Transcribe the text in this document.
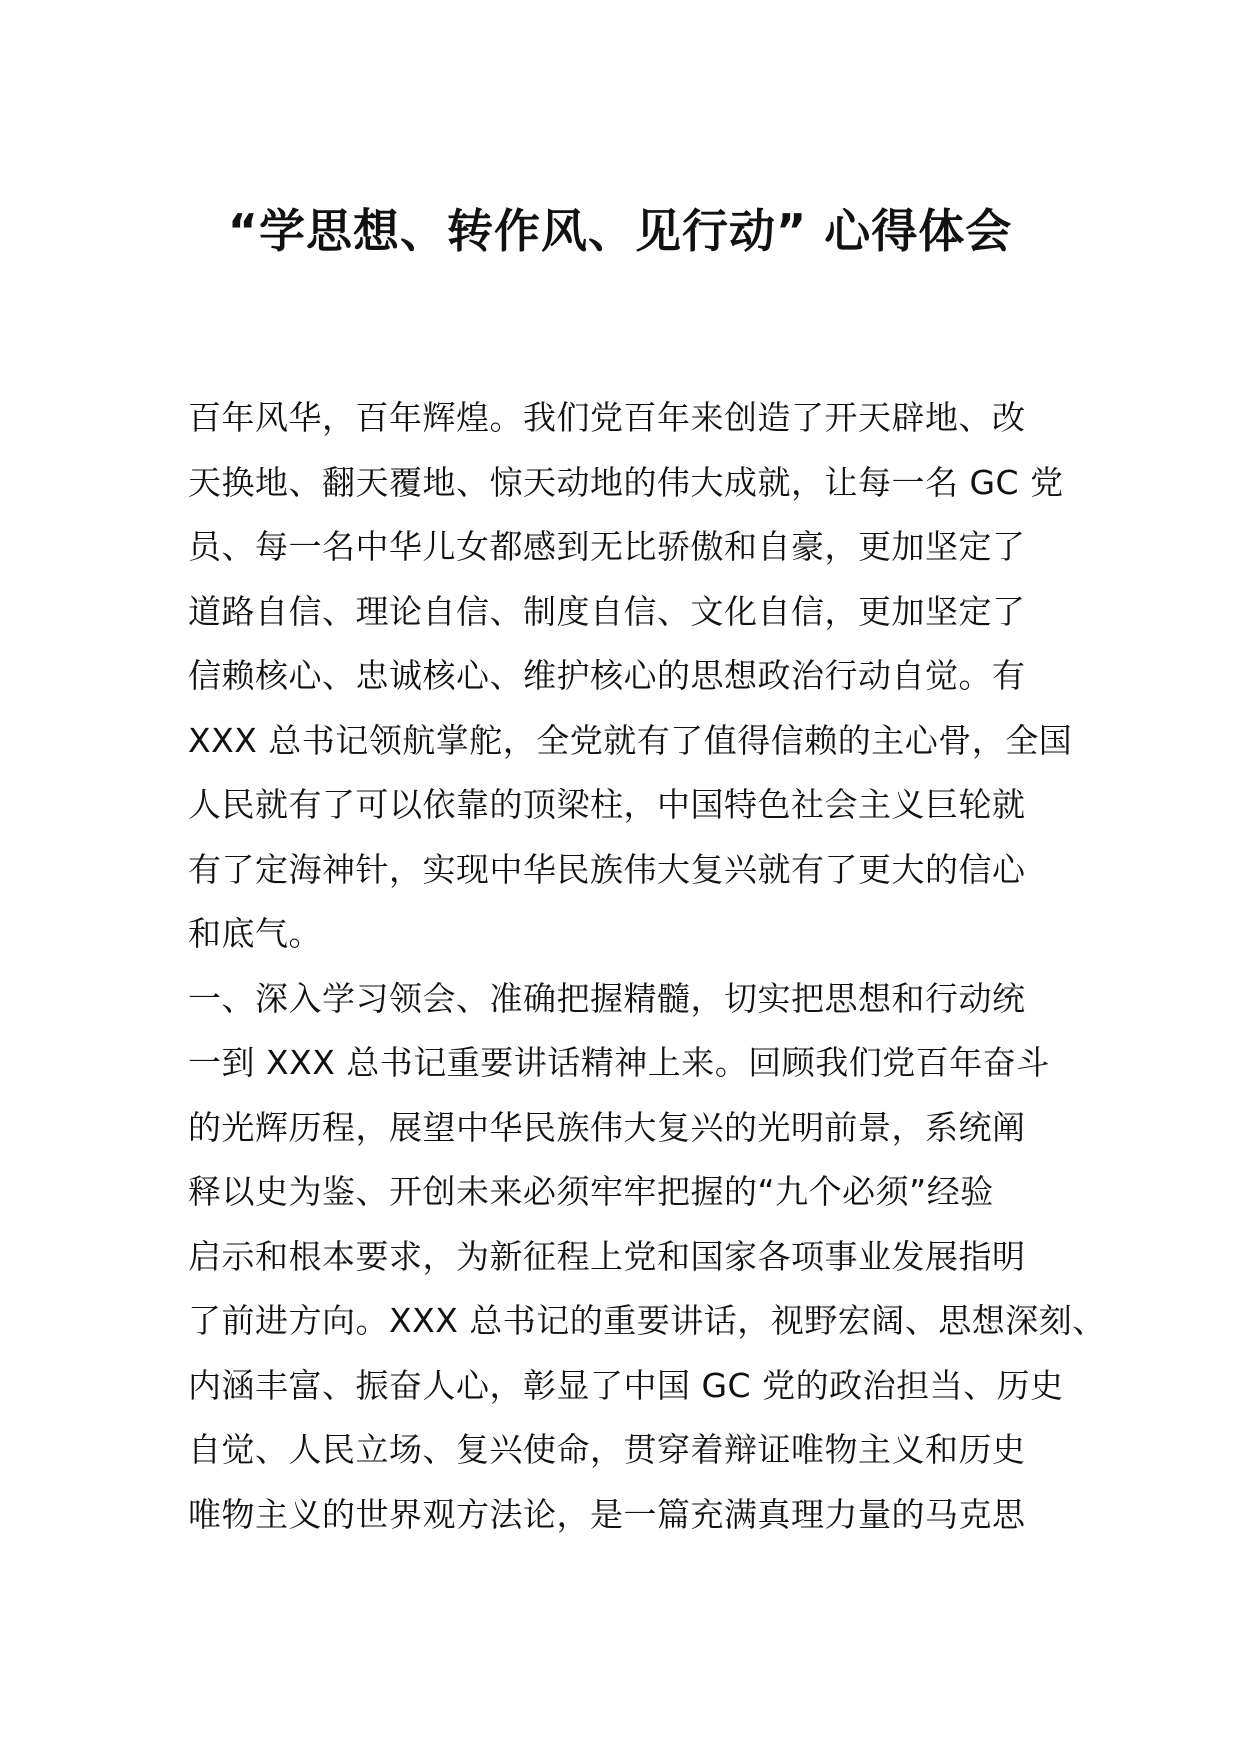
“学思想、转作风、见行动” 心得体会
百年风华，百年辉煌。我们党百年来创造了开天辟地、改
天换地、翻天覆地、惊天动地的伟大成就，让每一名 GC 党
员、每一名中华儿女都感到无比骄傲和自豪，更加坚定了
道路自信、理论自信、制度自信、文化自信，更加坚定了
信赖核心、忠诚核心、维护核心的思想政治行动自觉。有
XXX 总书记领航掌舵，全党就有了值得信赖的主心骨，全国
人民就有了可以依靠的顶梁柱，中国特色社会主义巨轮就
有了定海神针，实现中华民族伟大复兴就有了更大的信心
和底气。
一、深入学习领会、准确把握精髓，切实把思想和行动统
一到 XXX 总书记重要讲话精神上来。回顾我们党百年奋斗
的光辉历程，展望中华民族伟大复兴的光明前景，系统阐
释以史为鉴、开创未来必须牢牢把握的“九个必须”经验
启示和根本要求，为新征程上党和国家各项事业发展指明
了前进方向。XXX 总书记的重要讲话，视野宏阔、思想深刻、
内涵丰富、振奋人心，彰显了中国 GC 党的政治担当、历史
自觉、人民立场、复兴使命，贯穿着辩证唯物主义和历史
唯物主义的世界观方法论，是一篇充满真理力量的马克思
